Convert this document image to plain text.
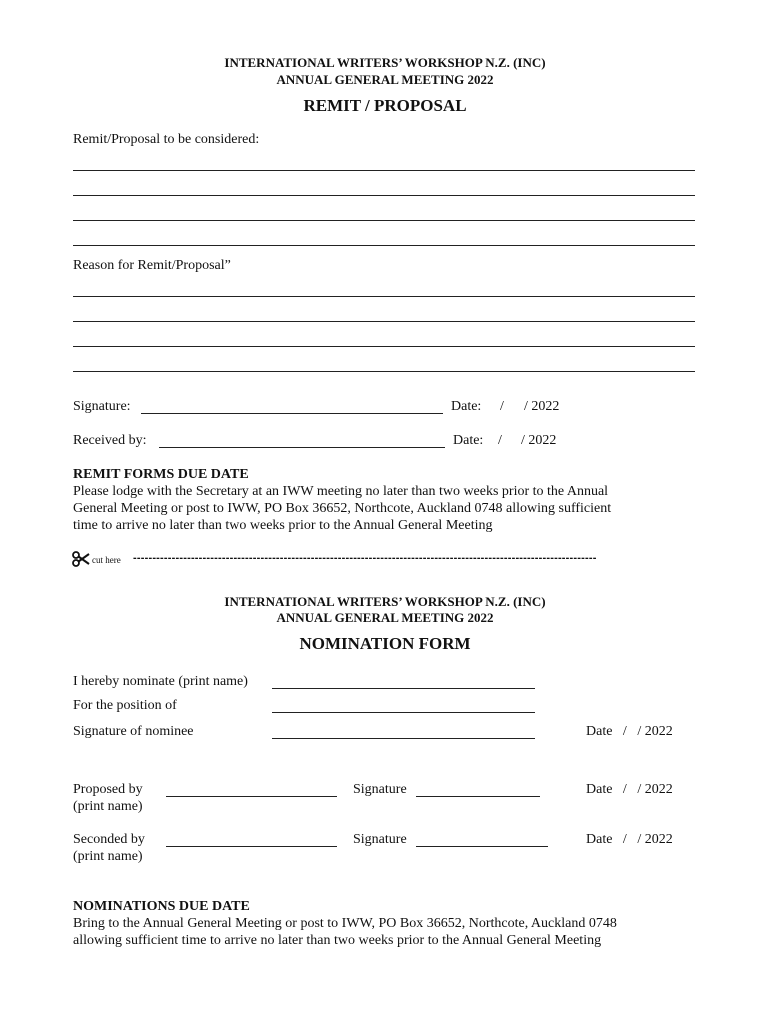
INTERNATIONAL WRITERS’ WORKSHOP N.Z. (INC)
ANNUAL GENERAL MEETING 2022
REMIT / PROPOSAL
Remit/Proposal to be considered:
Reason for Remit/Proposal”
Signature:	Date: / / 2022
Received by:	Date: / / 2022
REMIT FORMS DUE DATE
Please lodge with the Secretary at an IWW meeting no later than two weeks prior to the Annual
General Meeting or post to IWW, PO Box 36652, Northcote, Auckland 0748 allowing sufficient
time to arrive no later than two weeks prior to the Annual General Meeting
cut here ------------------------------------------------------------------------------------------------------------------------
INTERNATIONAL WRITERS’ WORKSHOP N.Z. (INC)
ANNUAL GENERAL MEETING 2022
NOMINATION FORM
I hereby nominate (print name)
For the position of
Signature of nominee	Date   /   / 2022
Proposed by
(print name)
Signature	Date   /   / 2022
Seconded by
(print name)
Signature	Date   /   / 2022
NOMINATIONS DUE DATE
Bring to the Annual General Meeting or post to IWW, PO Box 36652, Northcote, Auckland 0748
allowing sufficient time to arrive no later than two weeks prior to the Annual General Meeting
